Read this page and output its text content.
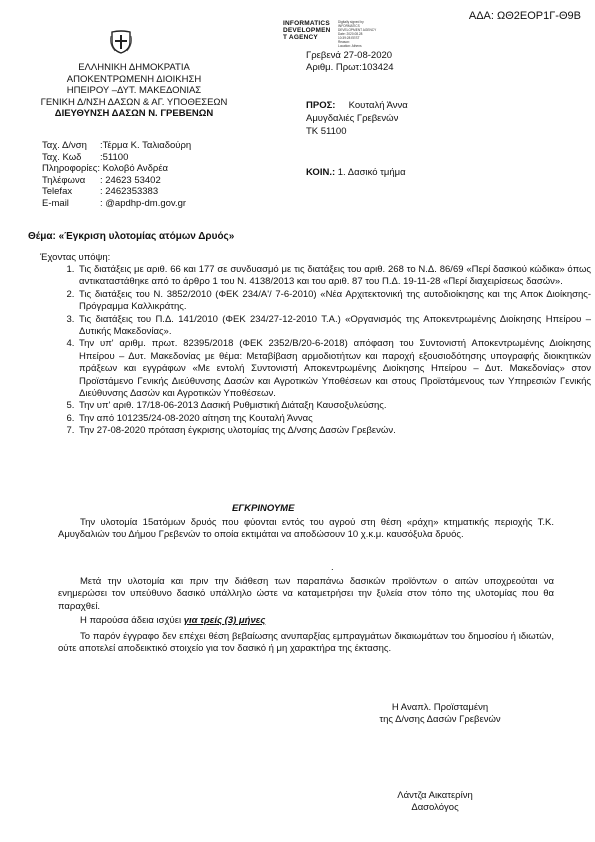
ΑΔΑ: ΩΘ2ΕΟΡ1Γ-Θ9Β
ΕΛΛΗΝΙΚΗ ΔΗΜΟΚΡΑΤΙΑ
ΑΠΟΚΕΝΤΡΩΜΕΝΗ ΔΙΟΙΚΗΣΗ
ΗΠΕΙΡΟΥ –ΔΥΤ. ΜΑΚΕΔΟΝΙΑΣ
ΓΕΝΙΚΗ Δ/ΝΣΗ ΔΑΣΩΝ & ΑΓ. ΥΠΟΘΕΣΕΩΝ
ΔΙΕΥΘΥΝΣΗ ΔΑΣΩΝ Ν. ΓΡΕΒΕΝΩΝ
INFORMATICS
DEVELOPMEN
T AGENCY
Digitally signed by
INFORMATICS
DEVELOPMENT AGENCY
Date: 2020.08.28
10:39:28 EEST
Reason:
Location: Athens
Γρεβενά 27-08-2020
Αριθμ. Πρωτ:103424
ΠΡΟΣ: Κουταλή Άννα
Αμυγδαλιές Γρεβενών
ΤΚ 51100
Ταχ. Δ/νση :Τέρμα Κ. Ταλιαδούρη
Ταχ. Κωδ :51100
Πληροφορίες: Κολοβό Ανδρέα
Τηλέφωνα : 24623 53402
Telefax	: 2462353383
E-mail	: @apdhp-dm.gov.gr
ΚΟΙΝ.: 1. Δασικό τμήμα
Θέμα: «Έγκριση υλοτομίας ατόμων Δρυός»
Έχοντας υπόψη:
1. Τις διατάξεις με αριθ. 66 και 177 σε συνδυασμό με τις διατάξεις του αριθ. 268 το Ν.Δ. 86/69 «Περί δασικού κώδικα» όπως αντικαταστάθηκε από το άρθρο 1 του Ν. 4138/2013 και του αριθ. 87 του Π.Δ. 19-11-28 «Περί διαχειρίσεως δασών».
2. Τις διατάξεις του Ν. 3852/2010 (ΦΕΚ 234/Α'/ 7-6-2010) «Νέα Αρχιτεκτονική της αυτοδιοίκησης και της Αποκ Διοίκησης-Πρόγραμμα Καλλικράτης.
3. Τις διατάξεις του Π.Δ. 141/2010 (ΦΕΚ 234/27-12-2010 Τ.Α.) «Οργανισμός της Αποκεντρωμένης Διοίκησης Ηπείρου – Δυτικής Μακεδονίας».
4. Την υπ' αριθμ. πρωτ. 82395/2018 (ΦΕΚ 2352/Β/20-6-2018) απόφαση του Συντονιστή Αποκεντρωμένης Διοίκησης Ηπείρου – Δυτ. Μακεδονίας με θέμα: Μεταβίβαση αρμοδιοτήτων και παροχή εξουσιοδότησης υπογραφής διοικητικών πράξεων και εγγράφων «Με εντολή Συντονιστή Αποκεντρωμένης Διοίκησης Ηπείρου – Δυτ. Μακεδονίας» στον Προϊστάμενο Γενικής Διεύθυνσης Δασών και Αγροτικών Υποθέσεων και στους Προϊστάμενους των Υπηρεσιών Γενικής Διεύθυνσης Δασών και Αγροτικών Υποθέσεων.
5. Την υπ' αριθ. 17/18-06-2013 Δασική Ρυθμιστική Διάταξη Καυσοξυλεύσης.
6. Την από 101235/24-08-2020 αίτηση της Κουταλή Άννας
7. Την 27-08-2020 πρόταση έγκρισης υλοτομίας της Δ/νσης Δασών Γρεβενών.
ΕΓΚΡΙΝΟΥΜΕ
Την υλοτομία 15ατόμων δρυός που φύονται εντός του αγρού στη θέση «ράχη» κτηματικής περιοχής Τ.Κ. Αμυγδαλιών του Δήμου Γρεβενών το οποία εκτιμάται να αποδώσουν 10 χ.κ.μ. καυσόξυλα δρυός.
.
Μετά την υλοτομία και πριν την διάθεση των παραπάνω δασικών προϊόντων ο αιτών υποχρεούται να ενημερώσει τον υπεύθυνο δασικό υπάλληλο ώστε να καταμετρήσει την ξυλεία στον τόπο της υλοτομίας που θα παραχθεί.
Η παρούσα άδεια ισχύει για τρείς (3) μήνες
Το παρόν έγγραφο δεν επέχει θέση βεβαίωσης ανυπαρξίας εμπραγμάτων δικαιωμάτων του δημοσίου ή ιδιωτών, ούτε αποτελεί αποδεικτικό στοιχείο για τον δασικό ή μη χαρακτήρα της έκτασης.
Η Αναπλ. Προϊσταμένη
της Δ/νσης Δασών Γρεβενών
Λάντζα Αικατερίνη
Δασολόγος
